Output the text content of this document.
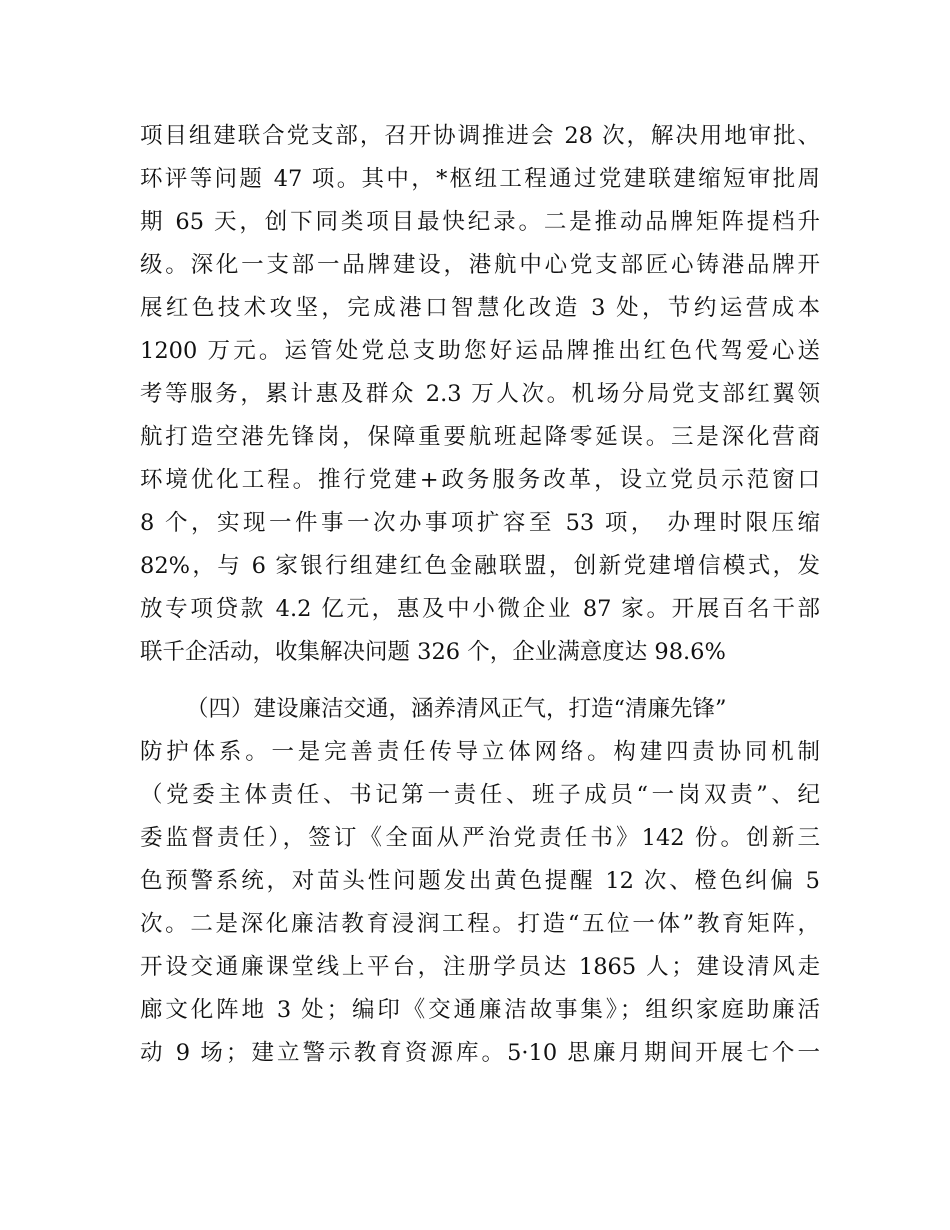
项目组建联合党支部，召开协调推进会 28 次，解决用地审批、
环评等问题 47 项。其中，*枢纽工程通过党建联建缩短审批周
期 65 天，创下同类项目最快纪录。二是推动品牌矩阵提档升
级。深化一支部一品牌建设，港航中心党支部匠心铸港品牌开
展红色技术攻坚，完成港口智慧化改造 3 处，节约运营成本
1200 万元。运管处党总支助您好运品牌推出红色代驾爱心送
考等服务，累计惠及群众 2.3 万人次。机场分局党支部红翼领
航打造空港先锋岗，保障重要航班起降零延误。三是深化营商
环境优化工程。推行党建+政务服务改革，设立党员示范窗口
8 个，实现一件事一次办事项扩容至 53 项， 办理时限压缩
82%，与 6 家银行组建红色金融联盟，创新党建增信模式，发
放专项贷款 4.2 亿元，惠及中小微企业 87 家。开展百名干部
联千企活动，收集解决问题 326 个，企业满意度达 98.6%
（四）建设廉洁交通，涵养清风正气，打造“清廉先锋”
防护体系。一是完善责任传导立体网络。构建四责协同机制
（党委主体责任、书记第一责任、班子成员“一岗双责”、纪
委监督责任），签订《全面从严治党责任书》142 份。创新三
色预警系统，对苗头性问题发出黄色提醒 12 次、橙色纠偏 5
次。二是深化廉洁教育浸润工程。打造“五位一体”教育矩阵，
开设交通廉课堂线上平台，注册学员达 1865 人；建设清风走
廊文化阵地 3 处；编印《交通廉洁故事集》；组织家庭助廉活
动 9 场；建立警示教育资源库。5·10 思廉月期间开展七个一
